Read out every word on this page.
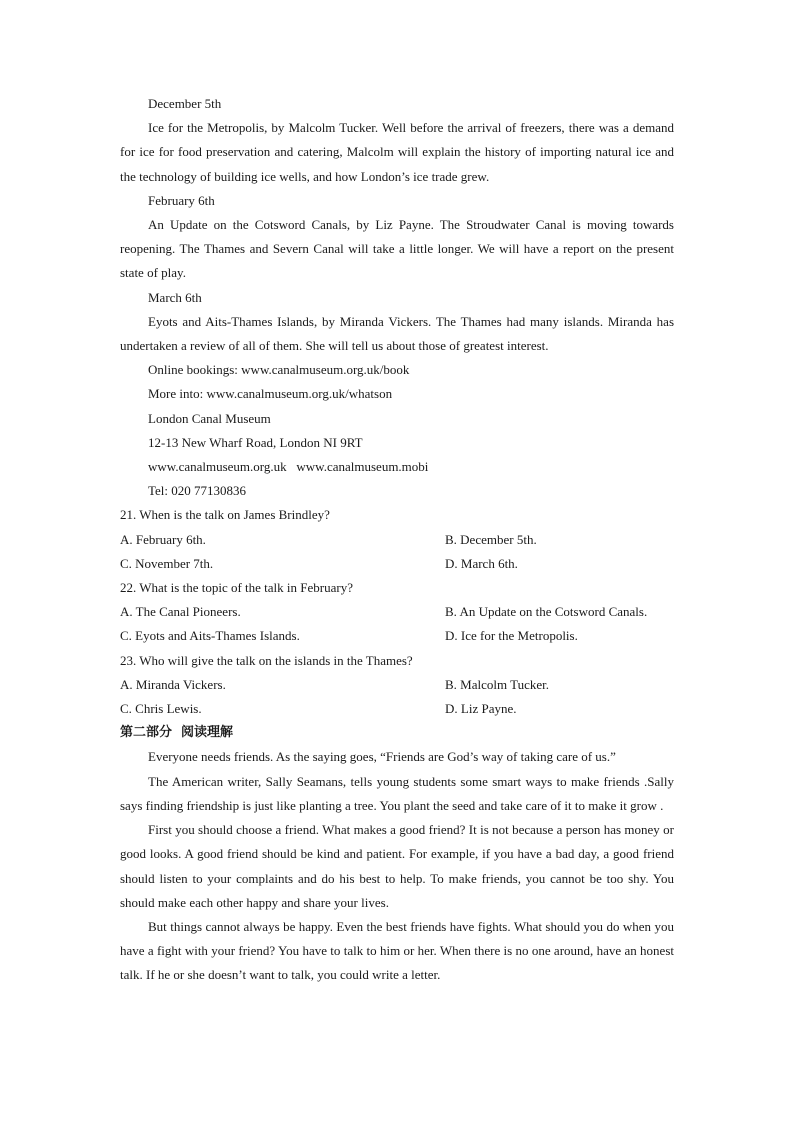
December 5th

Ice for the Metropolis, by Malcolm Tucker. Well before the arrival of freezers, there was a demand for ice for food preservation and catering, Malcolm will explain the history of importing natural ice and the technology of building ice wells, and how London’s ice trade grew.

February 6th

An Update on the Cotsword Canals, by Liz Payne. The Stroudwater Canal is moving towards reopening. The Thames and Severn Canal will take a little longer. We will have a report on the present state of play.

March 6th

Eyots and Aits-Thames Islands, by Miranda Vickers. The Thames had many islands. Miranda has undertaken a review of all of them. She will tell us about those of greatest interest.

Online bookings: www.canalmuseum.org.uk/book

More into: www.canalmuseum.org.uk/whatson

London Canal Museum

12-13 New Wharf Road, London NI 9RT

www.canalmuseum.org.uk   www.canalmuseum.mobi

Tel: 020 77130836

21. When is the talk on James Brindley?

A. February 6th.	B. December 5th.
C. November 7th.	D. March 6th.

22. What is the topic of the talk in February?

A. The Canal Pioneers.	B. An Update on the Cotsword Canals.
C. Eyots and Aits-Thames Islands.	D. Ice for the Metropolis.

23. Who will give the talk on the islands in the Thames?

A. Miranda Vickers.	B. Malcolm Tucker.
C. Chris Lewis.	D. Liz Payne.

第二部分  阅读理解

Everyone needs friends. As the saying goes, “Friends are God’s way of taking care of us.”

The American writer, Sally Seamans, tells young students some smart ways to make friends .Sally says finding friendship is just like planting a tree. You plant the seed and take care of it to make it grow .

First you should choose a friend. What makes a good friend? It is not because a person has money or good looks. A good friend should be kind and patient. For example, if you have a bad day, a good friend should listen to your complaints and do his best to help. To make friends, you cannot be too shy. You should make each other happy and share your lives.

But things cannot always be happy. Even the best friends have fights. What should you do when you have a fight with your friend? You have to talk to him or her. When there is no one around, have an honest talk. If he or she doesn’t want to talk, you could write a letter.
